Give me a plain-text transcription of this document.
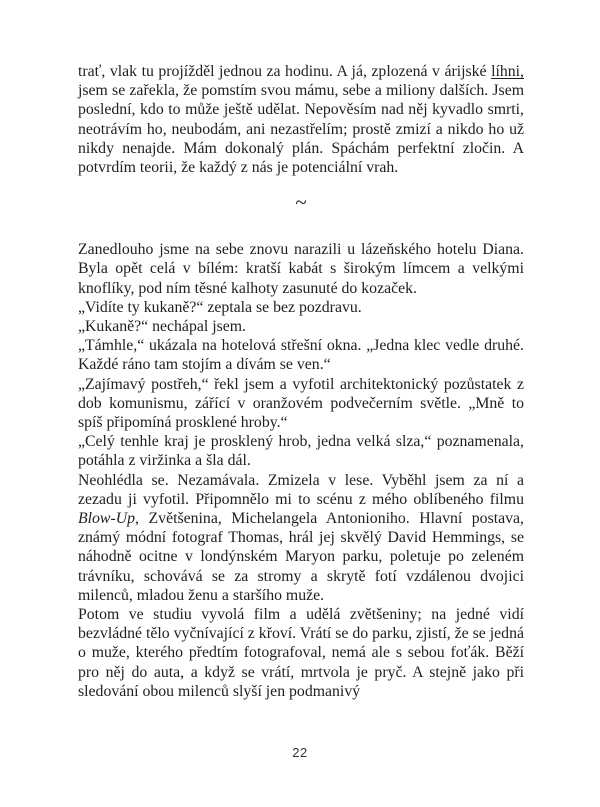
trať, vlak tu projížděl jednou za hodinu. A já, zplozená v árijské líhni, jsem se zařekla, že pomstím svou mámu, sebe a miliony dalších. Jsem poslední, kdo to může ještě udělat. Nepověsím nad něj kyvadlo smrti, neotrávím ho, neubodám, ani nezastřelím; prostě zmizí a nikdo ho už nikdy nenajde. Mám dokonalý plán. Spáchám perfektní zločin. A potvrdím teorii, že každý z nás je potenciální vrah.

~

Zanedlouho jsme na sebe znovu narazili u lázeňského hotelu Diana. Byla opět celá v bílém: kratší kabát s širokým límcem a velkými knoflíky, pod ním těsné kalhoty zasunuté do kozaček.

„Vidíte ty kukaně?“ zeptala se bez pozdravu.

„Kukaně?“ nechápal jsem.

„Támhle,“ ukázala na hotelová střešní okna. „Jedna klec vedle druhé. Každé ráno tam stojím a dívám se ven.“

„Zajímavý postřeh,“ řekl jsem a vyfotil architektonický pozůstatek z dob komunismu, zářící v oranžovém podvečerním světle. „Mně to spíš připomíná prosklené hroby.“

„Celý tenhle kraj je prosklený hrob, jedna velká slza,“ poznamenala, potáhla z viržinka a šla dál.

Neohlédla se. Nezamávala. Zmizela v lese. Vyběhl jsem za ní a zezadu ji vyfotil. Připomnělo mi to scénu z mého oblíbeného filmu Blow-Up, Zvětšenina, Michelangela Antonioniho. Hlavní postava, známý módní fotograf Thomas, hrál jej skvělý David Hemmings, se náhodně ocitne v londýnském Maryon parku, poletuje po zeleném trávníku, schovává se za stromy a skrytě fotí vzdálenou dvojici milenců, mladou ženu a staršího muže.

Potom ve studiu vyvolá film a udělá zvětšeniny; na jedné vidí bezvládné tělo vyčnívající z křoví. Vrátí se do parku, zjistí, že se jedná o muže, kterého předtím fotografoval, nemá ale s sebou foťák. Běží pro něj do auta, a když se vrátí, mrtvola je pryč. A stejně jako při sledování obou milenců slyší jen podmanivý

22
